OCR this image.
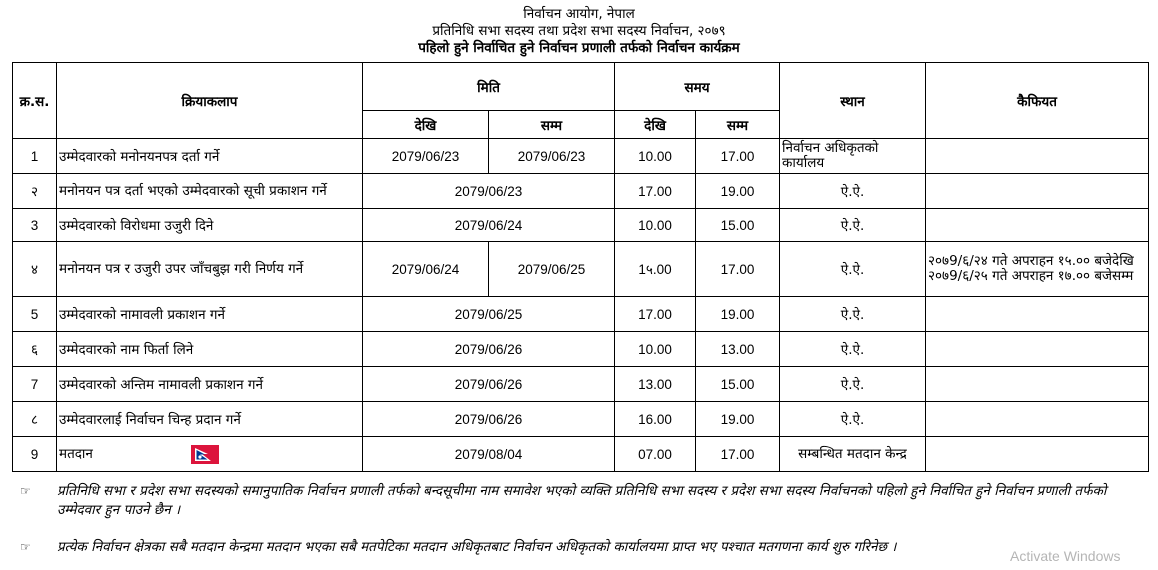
निर्वाचन आयोग, नेपाल
प्रतिनिधि सभा सदस्य तथा प्रदेश सभा सदस्य निर्वाचन, २०७९
पहिलो हुने निर्वाचित हुने निर्वाचन प्रणाली तर्फको निर्वाचन कार्यक्रम
क्र.स.	क्रियाकलाप	मिति		समय		स्थान	कैफियत
		देखि	सम्म	देखि	सम्म		
1	उम्मेदवारको मनोनयनपत्र दर्ता गर्ने	2079/06/23	2079/06/23	10.00	17.00	निर्वाचन अधिकृतको कार्यालय	
२	मनोनयन पत्र दर्ता भएको उम्मेदवारको सूची प्रकाशन गर्ने	2079/06/23		17.00	19.00	ऐ.ऐ.	
3	उम्मेदवारको विरोधमा उजुरी दिने	2079/06/24		10.00	15.00	ऐ.ऐ.	
४	मनोनयन पत्र र उजुरी उपर जाँचबुझ गरी निर्णय गर्ने	2079/06/24	2079/06/25	1५.00	17.00	ऐ.ऐ.	२०७9/६/२४ गते अपराहन १५.०० बजेदेखि २०७9/६/२५ गते अपराहन १७.०० बजेसम्म
5	उम्मेदवारको नामावली प्रकाशन गर्ने	2079/06/25		17.00	19.00	ऐ.ऐ.	
६	उम्मेदवारको नाम फिर्ता लिने	2079/06/26		10.00	13.00	ऐ.ऐ.	
7	उम्मेदवारको अन्तिम नामावली प्रकाशन गर्ने	2079/06/26		13.00	15.00	ऐ.ऐ.	
८	उम्मेदवारलाई निर्वाचन चिन्ह प्रदान गर्ने	2079/06/26		16.00	19.00	ऐ.ऐ.	
9	मतदान	2079/08/04		07.00	17.00	सम्बन्धित मतदान केन्द्र	
☞ प्रतिनिधि सभा र प्रदेश सभा सदस्यको समानुपातिक निर्वाचन प्रणाली तर्फको बन्दसूचीमा नाम समावेश भएको व्यक्ति प्रतिनिधि सभा सदस्य र प्रदेश सभा सदस्य निर्वाचनको पहिलो हुने निर्वाचित हुने निर्वाचन प्रणाली तर्फको उम्मेदवार हुन पाउने छैन ।
☞ प्रत्येक निर्वाचन क्षेत्रका सबै मतदान केन्द्रमा मतदान भएका सबै मतपेटिका मतदान अधिकृतबाट निर्वाचन अधिकृतको कार्यालयमा प्राप्त भए पश्चात मतगणना कार्य शुरु गरिनेछ ।
Activate Windows
